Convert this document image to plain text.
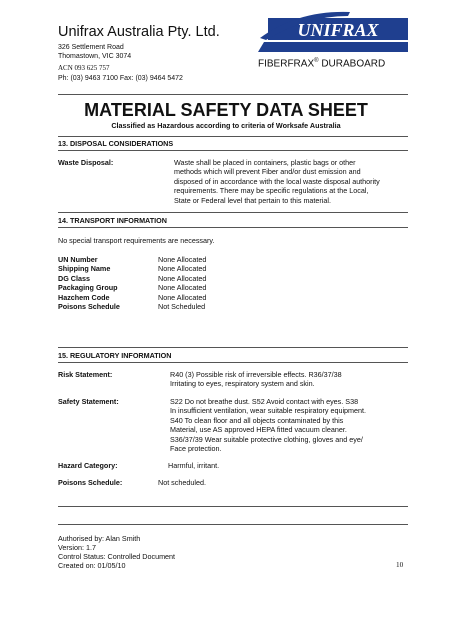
Unifrax Australia Pty. Ltd.
326 Settlement Road
Thomastown, VIC 3074
ACN 093 625 757
Ph: (03) 9463 7100 Fax: (03) 9464 5472
UNIFRAX
FIBERFRAX® DURABOARD
MATERIAL SAFETY DATA SHEET
Classified as Hazardous according to criteria of Worksafe Australia
13. DISPOSAL CONSIDERATIONS
Waste Disposal:	Waste shall be placed in containers, plastic bags or other
methods which will prevent Fiber and/or dust emission and
disposed of in accordance with the local waste disposal authority
requirements. There may be specific regulations at the Local,
State or Federal level that pertain to this material.
14. TRANSPORT INFORMATION
No special transport requirements are necessary.
UN Number	None Allocated
Shipping Name	None Allocated
DG Class	None Allocated
Packaging Group	None Allocated
Hazchem Code	None Allocated
Poisons Schedule	Not Scheduled
15. REGULATORY INFORMATION
Risk Statement:	R40 (3) Possible risk of irreversible effects. R36/37/38
Irritating to eyes, respiratory system and skin.
Safety Statement:	S22 Do not breathe dust. S52 Avoid contact with eyes. S38
In insufficient ventilation, wear suitable respiratory equipment.
S40 To clean floor and all objects contaminated by this
Material, use AS approved HEPA fitted vacuum cleaner.
S36/37/39 Wear suitable protective clothing, gloves and eye/
Face protection.
Hazard Category:	Harmful, irritant.
Poisons Schedule:	Not scheduled.
Authorised by: Alan Smith
Version: 1.7
Control Status: Controlled Document
Created on: 01/05/10	10
